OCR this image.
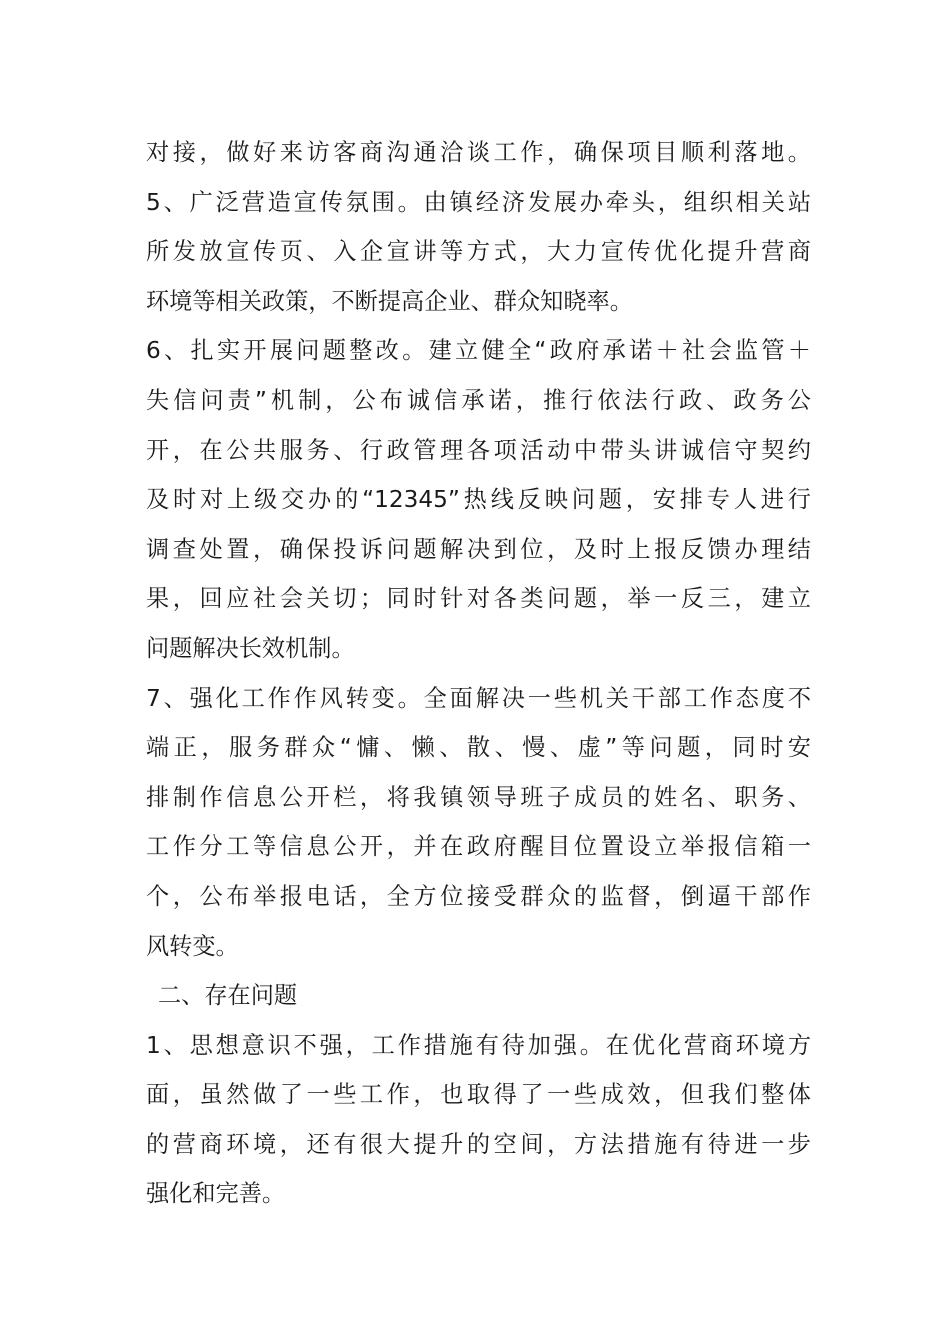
对接，做好来访客商沟通洽谈工作，确保项目顺利落地。
5、广泛营造宣传氛围。由镇经济发展办牵头，组织相关站
所发放宣传页、入企宣讲等方式，大力宣传优化提升营商
环境等相关政策，不断提高企业、群众知晓率。
6、扎实开展问题整改。建立健全“政府承诺＋社会监管＋
失信问责”机制，公布诚信承诺，推行依法行政、政务公
开，在公共服务、行政管理各项活动中带头讲诚信守契约
及时对上级交办的“12345”热线反映问题，安排专人进行
调查处置，确保投诉问题解决到位，及时上报反馈办理结
果，回应社会关切；同时针对各类问题，举一反三，建立
问题解决长效机制。
7、强化工作作风转变。全面解决一些机关干部工作态度不
端正，服务群众“慵、懒、散、慢、虚”等问题，同时安
排制作信息公开栏，将我镇领导班子成员的姓名、职务、
工作分工等信息公开，并在政府醒目位置设立举报信箱一
个，公布举报电话，全方位接受群众的监督，倒逼干部作
风转变。
二、存在问题
1、思想意识不强，工作措施有待加强。在优化营商环境方
面，虽然做了一些工作，也取得了一些成效，但我们整体
的营商环境，还有很大提升的空间，方法措施有待进一步
强化和完善。
